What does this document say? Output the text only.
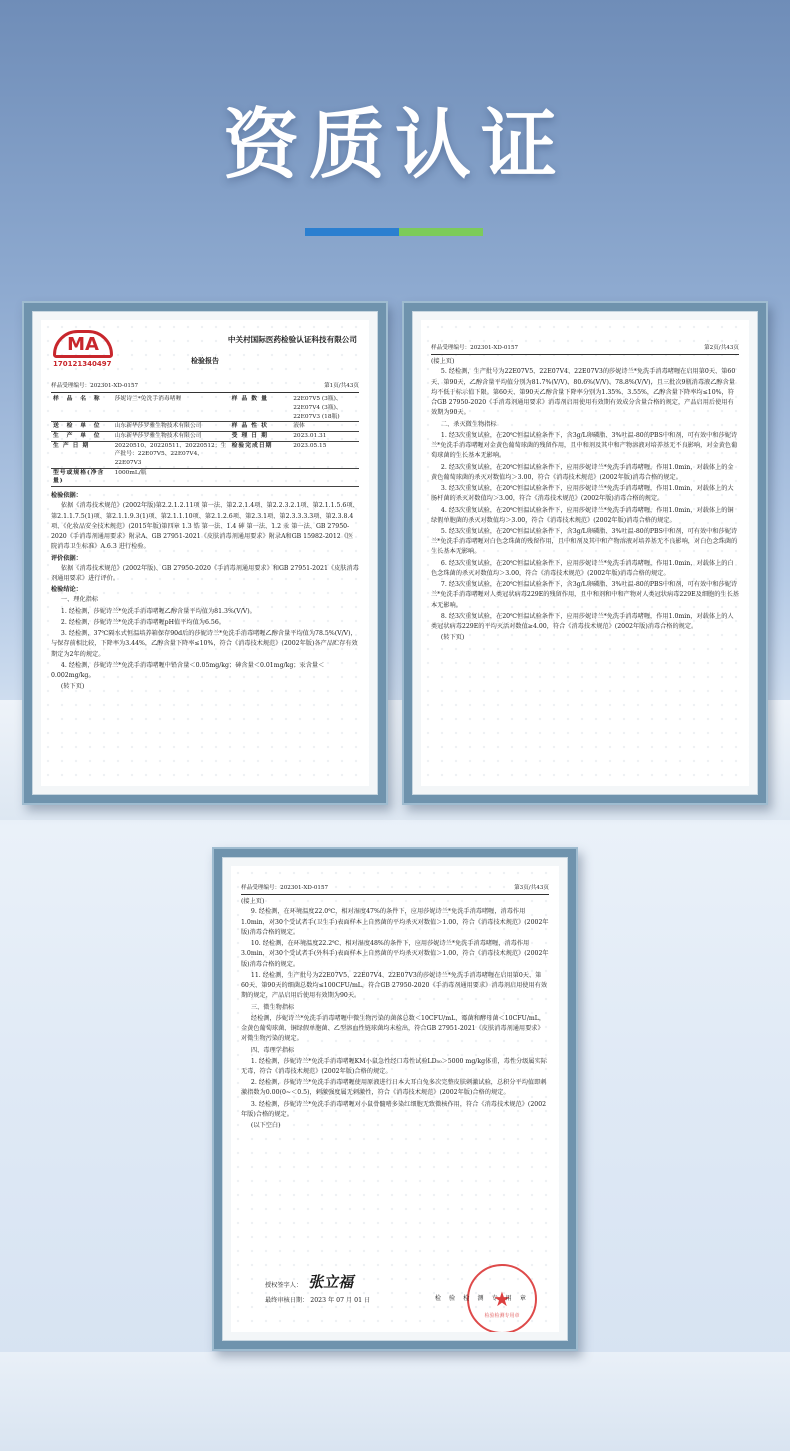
资质认证
MA
170121340497
中关村国际医药检验认证科技有限公司
检验报告
样品受理编号：202301-XD-0157	第1页/共43页
样　品　名　称	莎妮诗兰*免洗手消毒啫喱	样 品 数 量	22E07V5 (3瓶)、22E07V4 (3瓶)、22E07V3 (18瓶)
送　检　单　位	山东新华莎罗雅生物技术有限公司	样 品 性 状	液体
生　产　单　位	山东新华莎罗雅生物技术有限公司	受 理 日 期	2023.01.31
生 产 日 期	20220510、20220511、20220512；生产批号：22E07V5、22E07V4、22E07V3	检验完成日期	2023.05.15
型号或规格(净含量)	1000mL/瓶		
检验依据：

依据《消毒技术规范》(2002年版)第2.2.1.2.11项 第一法、第2.2.1.4项、第2.2.3.2.1项、第2.1.1.5.6项、第2.1.1.7.5(1)项、第2.1.1.9.3(1)项、第2.1.1.10项、第2.1.2.6项、第2.3.1项、第2.3.3.3.3项、第2.3.8.4项、《化妆品安全技术规范》(2015年版)第四章 1.3 锆 第一法、1.4 砷 第一法、1.2 汞 第一法、GB 27950-2020《手消毒剂通用要求》附录A、GB 27951-2021《皮肤消毒剂通用要求》附录A和GB 15982-2012《医院消毒卫生标准》A.6.3 进行检验。

评价依据：

依据《消毒技术规范》(2002年版)、GB 27950-2020《手消毒剂通用要求》和GB 27951-2021《皮肤消毒剂通用要求》进行评价。

检验结论：

一、理化指标

1. 经检测，莎妮诗兰*免洗手消毒啫喱乙醇含量平均值为81.3%(V/V)。

2. 经检测，莎妮诗兰*免洗手消毒啫喱pH值平均值为6.56。

3. 经检测，37℃隔水式恒温培养箱保存90d后的莎妮诗兰*免洗手消毒啫喱乙醇含量平均值为78.5%(V/V)，与保存前相比较，下降率为3.44%，乙醇含量下降率≤10%，符合《消毒技术规范》(2002年版)各产品贮存有效期定为2年的规定。

4. 经检测，莎妮诗兰*免洗手消毒啫喱中铅含量＜0.05mg/kg；砷含量＜0.01mg/kg；汞含量＜0.002mg/kg。

(转下页)

样品受理编号：202301-XD-0157	第2页/共43页
(接上页)

5. 经检测，生产批号为22E07V5、22E07V4、22E07V3的莎妮诗兰*免洗手消毒啫喱在启用第0天、第60天、第90天，乙醇含量平均值分别为81.7%(V/V)、80.6%(V/V)、78.8%(V/V)，且三批次9瓶消毒液乙醇含量均不低于标示值下限。第60天、第90天乙醇含量下降率分别为1.35%、3.55%，乙醇含量下降率均≤10%，符合GB 27950-2020《手消毒剂通用要求》消毒剂启用使用有效期有效成分含量合格的规定，产品启用后使用有效期为90天。

二、杀灭微生物指标

1. 经3次重复试验，在20℃恒温试验条件下，含3g/L卵磷脂、3%吐温-80的PBS中和剂，可有效中和莎妮诗兰*免洗手消毒啫喱对金黄色葡萄球菌的残留作用，且中和剂及其中和产物溶液对培养基无不良影响，对金黄色葡萄球菌的生长基本无影响。

2. 经3次重复试验，在20℃恒温试验条件下，应用莎妮诗兰*免洗手消毒啫喱，作用1.0min，对载体上的金黄色葡萄球菌的杀灭对数值均＞3.00，符合《消毒技术规范》(2002年版)消毒合格的规定。

3. 经3次重复试验，在20℃恒温试验条件下，应用莎妮诗兰*免洗手消毒啫喱，作用1.0min，对载体上的大肠杆菌的杀灭对数值均＞3.00，符合《消毒技术规范》(2002年版)消毒合格的规定。

4. 经3次重复试验，在20℃恒温试验条件下，应用莎妮诗兰*免洗手消毒啫喱，作用1.0min，对载体上的铜绿假单胞菌的杀灭对数值均＞3.00，符合《消毒技术规范》(2002年版)消毒合格的规定。

5. 经3次重复试验，在20℃恒温试验条件下，含3g/L卵磷脂、3%吐温-80的PBS中和剂，可有效中和莎妮诗兰*免洗手消毒啫喱对白色念珠菌的残留作用，且中和剂及其中和产物溶液对培养基无不良影响，对白色念珠菌的生长基本无影响。

6. 经3次重复试验，在20℃恒温试验条件下，应用莎妮诗兰*免洗手消毒啫喱，作用1.0min，对载体上的白色念珠菌的杀灭对数值均＞3.00，符合《消毒技术规范》(2002年版)消毒合格的规定。

7. 经3次重复试验，在20℃恒温试验条件下，含3g/L卵磷脂、3%吐温-80的PBS中和剂，可有效中和莎妮诗兰*免洗手消毒啫喱对人类冠状病毒229E的残留作用，且中和剂和中和产物对人类冠状病毒229E及细胞的生长基本无影响。

8. 经3次重复试验，在20℃恒温试验条件下，应用莎妮诗兰*免洗手消毒啫喱，作用1.0min，对载体上的人类冠状病毒229E的平均灭活对数值≥4.00，符合《消毒技术规范》(2002年版)消毒合格的规定。

(转下页)

样品受理编号：202301-XD-0157	第3页/共43页
(接上页)

9. 经检测，在环境温度22.0℃、相对湿度47%的条件下，应用莎妮诗兰*免洗手消毒啫喱，消毒作用1.0min，对30个受试者手(卫生手)表面样本上自然菌的平均杀灭对数值＞1.00，符合《消毒技术规范》(2002年版)消毒合格的规定。

10. 经检测，在环境温度22.2℃、相对湿度48%的条件下，应用莎妮诗兰*免洗手消毒啫喱，消毒作用3.0min，对30个受试者手(外科手)表面样本上自然菌的平均杀灭对数值＞1.00，符合《消毒技术规范》(2002年版)消毒合格的规定。

11. 经检测，生产批号为22E07V5、22E07V4、22E07V3的莎妮诗兰*免洗手消毒啫喱在启用第0天、第60天、第90天的细菌总数均≤100CFU/mL，符合GB 27950-2020《手消毒剂通用要求》消毒剂启用使用有效期的规定，产品启用后使用有效期为90天。

三、微生物指标

经检测，莎妮诗兰*免洗手消毒啫喱中微生物污染的菌落总数＜10CFU/mL，霉菌和酵母菌＜10CFU/mL，金黄色葡萄球菌、铜绿假单胞菌、乙型溶血性链球菌均未检出，符合GB 27951-2021《皮肤消毒剂通用要求》对微生物污染的规定。

四、毒理学指标

1. 经检测，莎妮诗兰*免洗手消毒啫喱KM小鼠急性经口毒性试验LD₅₀＞5000 mg/kg体重，毒性分级属实际无毒，符合《消毒技术规范》(2002年版)合格的规定。

2. 经检测，莎妮诗兰*免洗手消毒啫喱使用原液进行日本大耳白兔多次完整皮肤刺激试验，总积分平均值即刺激指数为0.00(0~＜0.5)，刺激强度属无刺激性，符合《消毒技术规范》(2002年版)合格的规定。

3. 经检测，莎妮诗兰*免洗手消毒啫喱对小鼠骨髓嗜多染红细胞无致微核作用，符合《消毒技术规范》(2002年版)合格的规定。

(以下空白)

★
检验检测专用章
授权签字人： 张立福
最终审核日期： 2023 年 07 月 01 日	检 验 检 测 专 用 章
